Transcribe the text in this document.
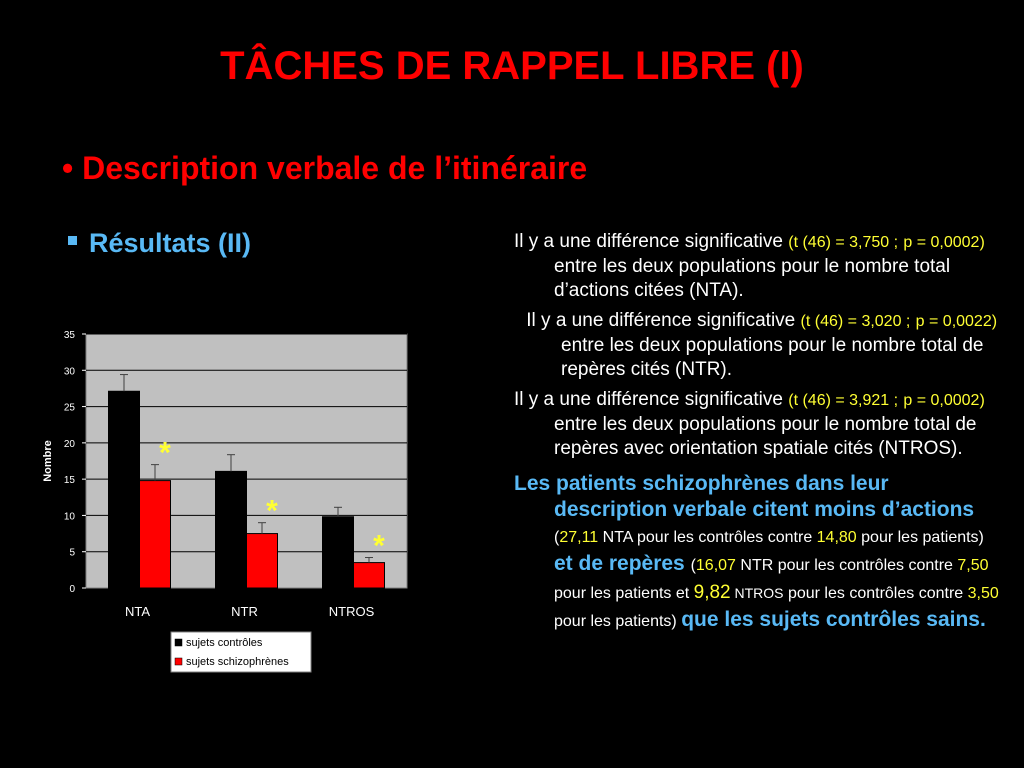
TÂCHES DE RAPPEL LIBRE (I)
• Description verbale de l’itinéraire
Résultats (II)
0
5
10
15
20
25
30
35
Nombre	*
NTA
*
NTR
*
NTROS
sujets contrôles
sujets schizophrènes
Il y a une différence significative (t (46) = 3,750 ; p = 0,0002) entre les deux populations pour le nombre total d’actions citées (NTA).
Il y a une différence significative (t (46) = 3,020 ; p = 0,0022) entre les deux populations pour le nombre total de repères cités (NTR).
Il y a une différence significative (t (46) = 3,921 ; p = 0,0002) entre les deux populations pour le nombre total de repères avec orientation spatiale cités (NTROS).
Les patients schizophrènes dans leur description verbale citent moins d’actions (27,11 NTA pour les contrôles contre 14,80 pour les patients) et de repères (16,07 NTR pour les contrôles contre 7,50 pour les patients et 9,82 NTROS pour les contrôles contre 3,50 pour les patients) que les sujets contrôles sains.
